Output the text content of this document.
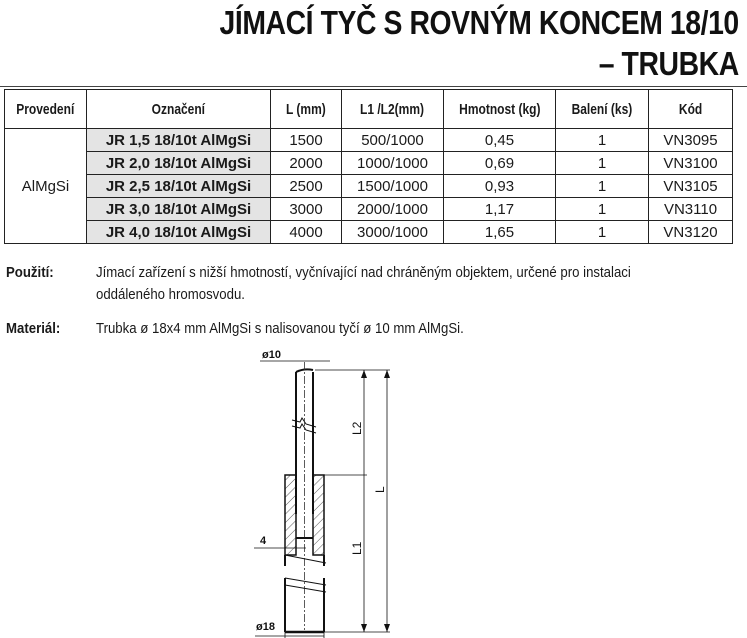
JÍMACÍ TYČ S ROVNÝM KONCEM 18/10
– TRUBKA
Provedení	Označení	L (mm)	L1 /L2(mm)	Hmotnost (kg)	Balení (ks)	Kód
AlMgSi	JR 1,5 18/10t AlMgSi	1500	500/1000	0,45	1	VN3095
	JR 2,0 18/10t AlMgSi	2000	1000/1000	0,69	1	VN3100
	JR 2,5 18/10t AlMgSi	2500	1500/1000	0,93	1	VN3105
	JR 3,0 18/10t AlMgSi	3000	2000/1000	1,17	1	VN3110
	JR 4,0 18/10t AlMgSi	4000	3000/1000	1,65	1	VN3120
Použití:	Jímací zařízení s nižší hmotností, vyčnívající nad chráněným objektem, určené pro instalaci oddáleného hromosvodu.
Materiál: Trubka ø 18x4 mm AlMgSi s nalisovanou tyčí ø 10 mm AlMgSi.
ø10
L2
L1
L
4
ø18
